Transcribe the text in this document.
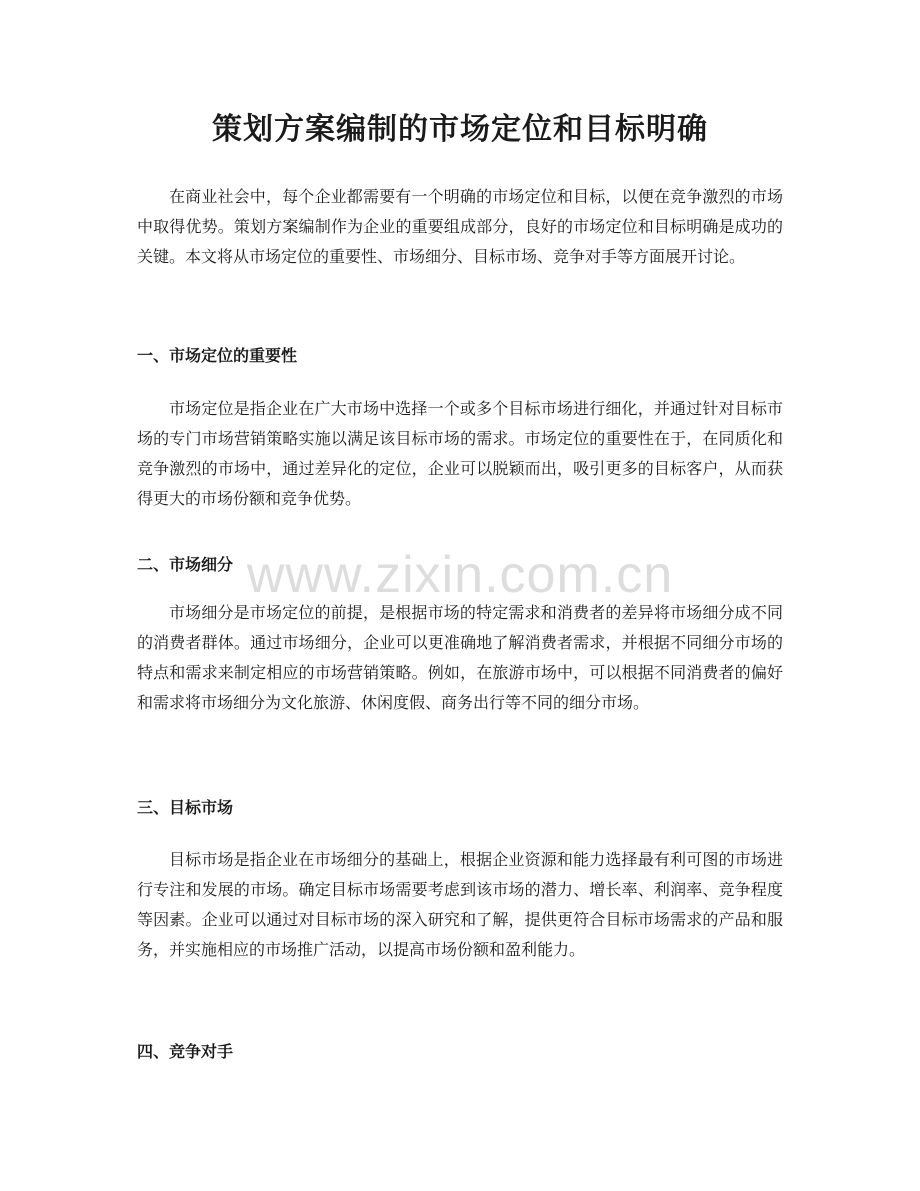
策划方案编制的市场定位和目标明确

在商业社会中，每个企业都需要有一个明确的市场定位和目标，以便在竞争激烈的市场中取得优势。策划方案编制作为企业的重要组成部分，良好的市场定位和目标明确是成功的关键。本文将从市场定位的重要性、市场细分、目标市场、竞争对手等方面展开讨论。

一、市场定位的重要性

市场定位是指企业在广大市场中选择一个或多个目标市场进行细化，并通过针对目标市场的专门市场营销策略实施以满足该目标市场的需求。市场定位的重要性在于，在同质化和竞争激烈的市场中，通过差异化的定位，企业可以脱颖而出，吸引更多的目标客户，从而获得更大的市场份额和竞争优势。

二、市场细分

市场细分是市场定位的前提，是根据市场的特定需求和消费者的差异将市场细分成不同的消费者群体。通过市场细分，企业可以更准确地了解消费者需求，并根据不同细分市场的特点和需求来制定相应的市场营销策略。例如，在旅游市场中，可以根据不同消费者的偏好和需求将市场细分为文化旅游、休闲度假、商务出行等不同的细分市场。

三、目标市场

目标市场是指企业在市场细分的基础上，根据企业资源和能力选择最有利可图的市场进行专注和发展的市场。确定目标市场需要考虑到该市场的潜力、增长率、利润率、竞争程度等因素。企业可以通过对目标市场的深入研究和了解，提供更符合目标市场需求的产品和服务，并实施相应的市场推广活动，以提高市场份额和盈利能力。

四、竞争对手
www.zixin.com.cn
